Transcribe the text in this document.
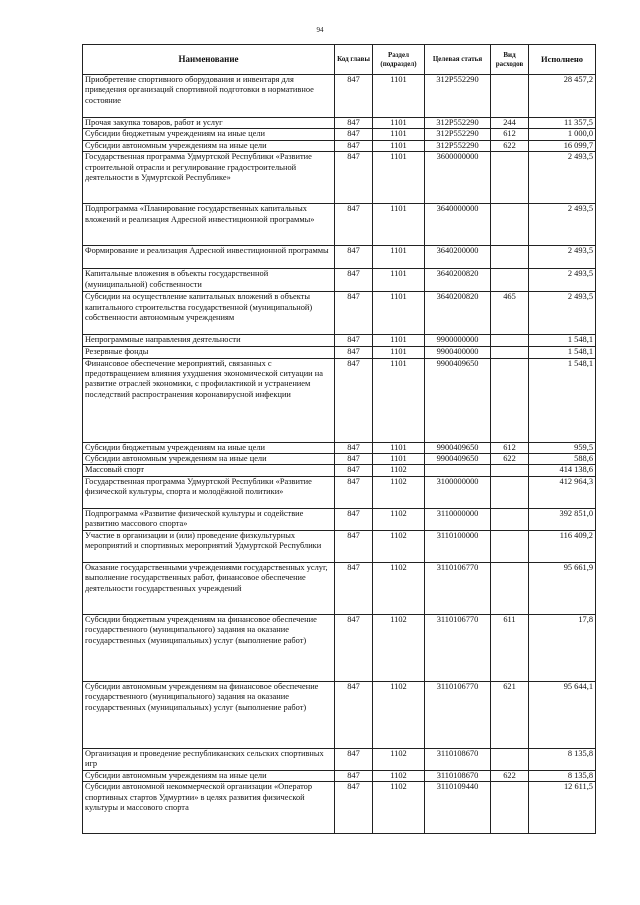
94
Наименование	Код главы	Раздел (подраздел)	Целевая статья	Вид расходов	Исполнено
Приобретение спортивного оборудования и инвентаря для приведения организаций спортивной подготовки в нормативное состояние	847	1101	312P552290		28 457,2
Прочая закупка товаров, работ и услуг	847	1101	312P552290	244	11 357,5
Субсидии бюджетным учреждениям на иные цели	847	1101	312P552290	612	1 000,0
Субсидии автономным учреждениям на иные цели	847	1101	312P552290	622	16 099,7
Государственная программа Удмуртской Республики «Развитие строительной отрасли и регулирование градостроительной деятельности в Удмуртской Республике»	847	1101	3600000000		2 493,5
Подпрограмма «Планирование государственных капитальных вложений и реализация Адресной инвестиционной программы»	847	1101	3640000000		2 493,5
Формирование и реализация Адресной инвестиционной программы	847	1101	3640200000		2 493,5
Капитальные вложения в объекты государственной (муниципальной) собственности	847	1101	3640200820		2 493,5
Субсидии на осуществление капитальных вложений в объекты капитального строительства государственной (муниципальной) собственности автономным учреждениям	847	1101	3640200820	465	2 493,5
Непрограммные направления деятельности	847	1101	9900000000		1 548,1
Резервные фонды	847	1101	9900400000		1 548,1
Финансовое обеспечение мероприятий, связанных с предотвращением влияния ухудшения экономической ситуации на развитие отраслей экономики, с профилактикой и устранением последствий распространения коронавирусной инфекции	847	1101	9900409650		1 548,1
Субсидии бюджетным учреждениям на иные цели	847	1101	9900409650	612	959,5
Субсидии автономным учреждениям на иные цели	847	1101	9900409650	622	588,6
Массовый спорт	847	1102			414 138,6
Государственная программа Удмуртской Республики «Развитие физической культуры, спорта и молодёжной политики»	847	1102	3100000000		412 964,3
Подпрограмма «Развитие физической культуры и содействие развитию массового спорта»	847	1102	3110000000		392 851,0
Участие в организации и (или) проведение физкультурных мероприятий и спортивных мероприятий Удмуртской Республики	847	1102	3110100000		116 409,2
Оказание государственными учреждениями государственных услуг, выполнение государственных работ, финансовое обеспечение деятельности государственных учреждений	847	1102	3110106770		95 661,9
Субсидии бюджетным учреждениям на финансовое обеспечение государственного (муниципального) задания на оказание государственных (муниципальных) услуг (выполнение работ)	847	1102	3110106770	611	17,8
Субсидии автономным учреждениям на финансовое обеспечение государственного (муниципального) задания на оказание государственных (муниципальных) услуг (выполнение работ)	847	1102	3110106770	621	95 644,1
Организация и проведение республиканских сельских спортивных игр	847	1102	3110108670		8 135,8
Субсидии автономным учреждениям на иные цели	847	1102	3110108670	622	8 135,8
Субсидии автономной некоммерческой организации «Оператор спортивных стартов Удмуртии» в целях развития физической культуры и массового спорта	847	1102	3110109440		12 611,5
